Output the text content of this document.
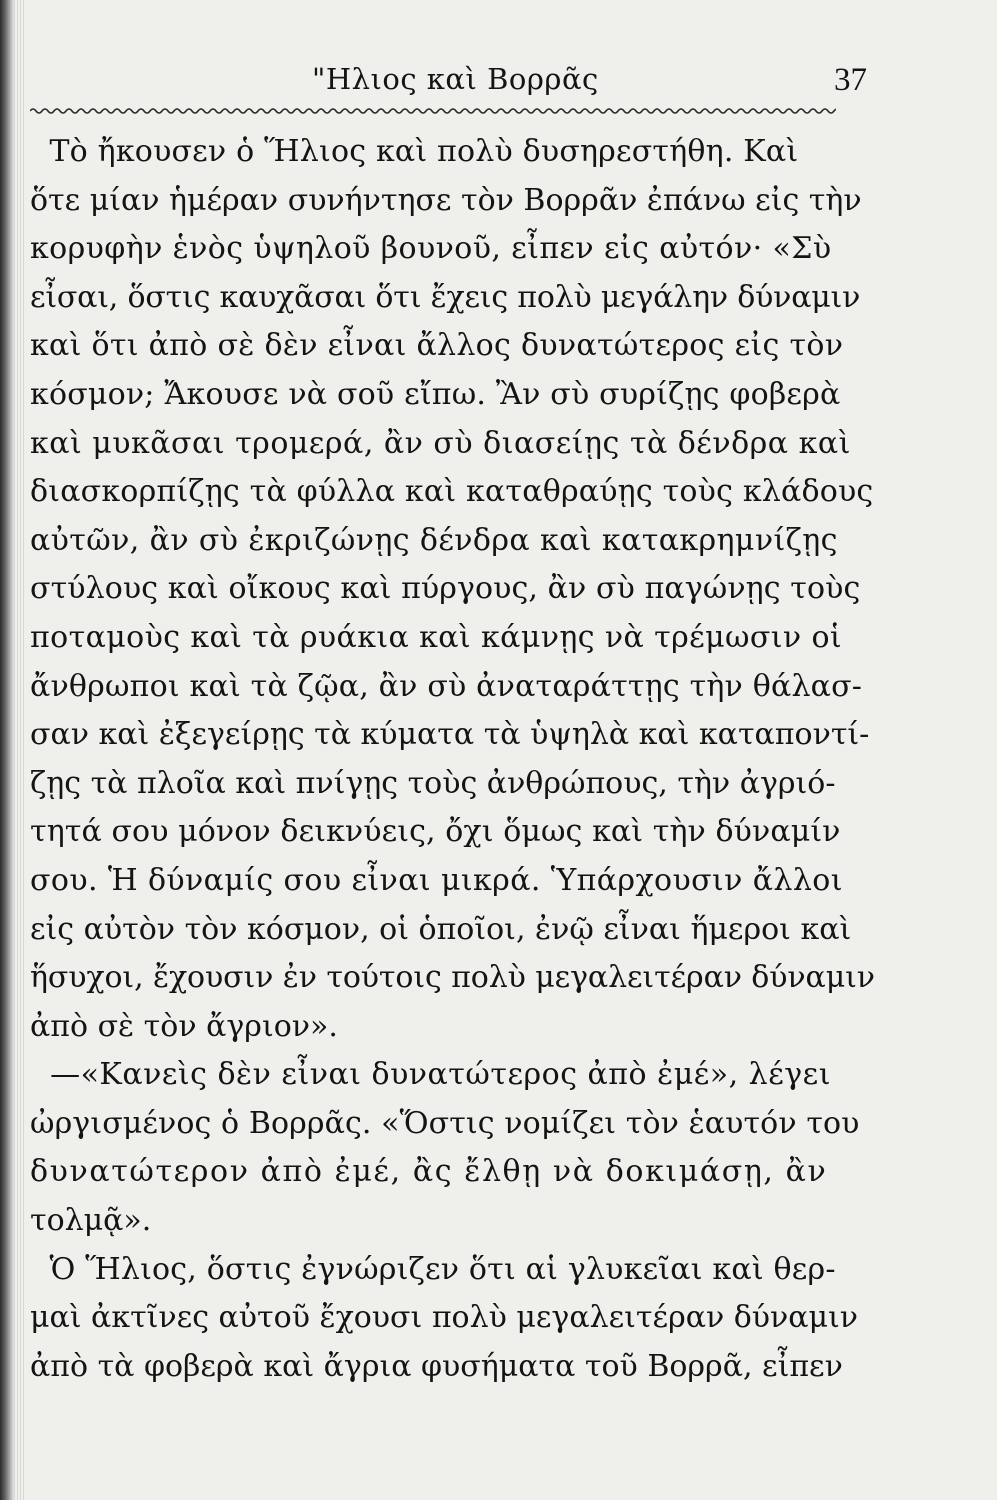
"Ηλιος καὶ Βορρᾶς	37
Τὸ ἤκουσεν ὁ Ἥλιος καὶ πολὺ δυσηρεστήθη. Καὶ
ὅτε μίαν ἡμέραν συνήντησε τὸν Βορρᾶν ἐπάνω εἰς τὴν
κορυφὴν ἑνὸς ὑψηλοῦ βουνοῦ, εἶπεν εἰς αὐτόν· «Σὺ
εἶσαι, ὅστις καυχᾶσαι ὅτι ἔχεις πολὺ μεγάλην δύναμιν
καὶ ὅτι ἀπὸ σὲ δὲν εἶναι ἄλλος δυνατώτερος εἰς τὸν
κόσμον; Ἄκουσε νὰ σοῦ εἴπω. Ἂν σὺ συρίζῃς φοβερὰ
καὶ μυκᾶσαι τρομερά, ἂν σὺ διασείῃς τὰ δένδρα καὶ
διασκορπίζῃς τὰ φύλλα καὶ καταθραύῃς τοὺς κλάδους
αὐτῶν, ἂν σὺ ἐκριζώνῃς δένδρα καὶ κατακρημνίζῃς
στύλους καὶ οἴκους καὶ πύργους, ἂν σὺ παγώνῃς τοὺς
ποταμοὺς καὶ τὰ ρυάκια καὶ κάμνῃς νὰ τρέμωσιν οἱ
ἄνθρωποι καὶ τὰ ζῷα, ἂν σὺ ἀναταράττῃς τὴν θάλασ-
σαν καὶ ἐξεγείρῃς τὰ κύματα τὰ ὑψηλὰ καὶ καταποντί-
ζῃς τὰ πλοῖα καὶ πνίγῃς τοὺς ἀνθρώπους, τὴν ἀγριό-
τητά σου μόνον δεικνύεις, ὄχι ὅμως καὶ τὴν δύναμίν
σου. Ἡ δύναμίς σου εἶναι μικρά. Ὑπάρχουσιν ἄλλοι
εἰς αὐτὸν τὸν κόσμον, οἱ ὁποῖοι, ἐνῷ εἶναι ἥμεροι καὶ
ἥσυχοι, ἔχουσιν ἐν τούτοις πολὺ μεγαλειτέραν δύναμιν
ἀπὸ σὲ τὸν ἄγριον».
—«Κανεὶς δὲν εἶναι δυνατώτερος ἀπὸ ἐμέ», λέγει
ὠργισμένος ὁ Βορρᾶς. «Ὅστις νομίζει τὸν ἑαυτόν του
δυνατώτερον ἀπὸ ἐμέ, ἂς ἔλθῃ νὰ δοκιμάσῃ, ἂν
τολμᾷ».
Ὁ Ἥλιος, ὅστις ἐγνώριζεν ὅτι αἱ γλυκεῖαι καὶ θερ-
μαὶ ἀκτῖνες αὐτοῦ ἔχουσι πολὺ μεγαλειτέραν δύναμιν
ἀπὸ τὰ φοβερὰ καὶ ἄγρια φυσήματα τοῦ Βορρᾶ, εἶπεν
